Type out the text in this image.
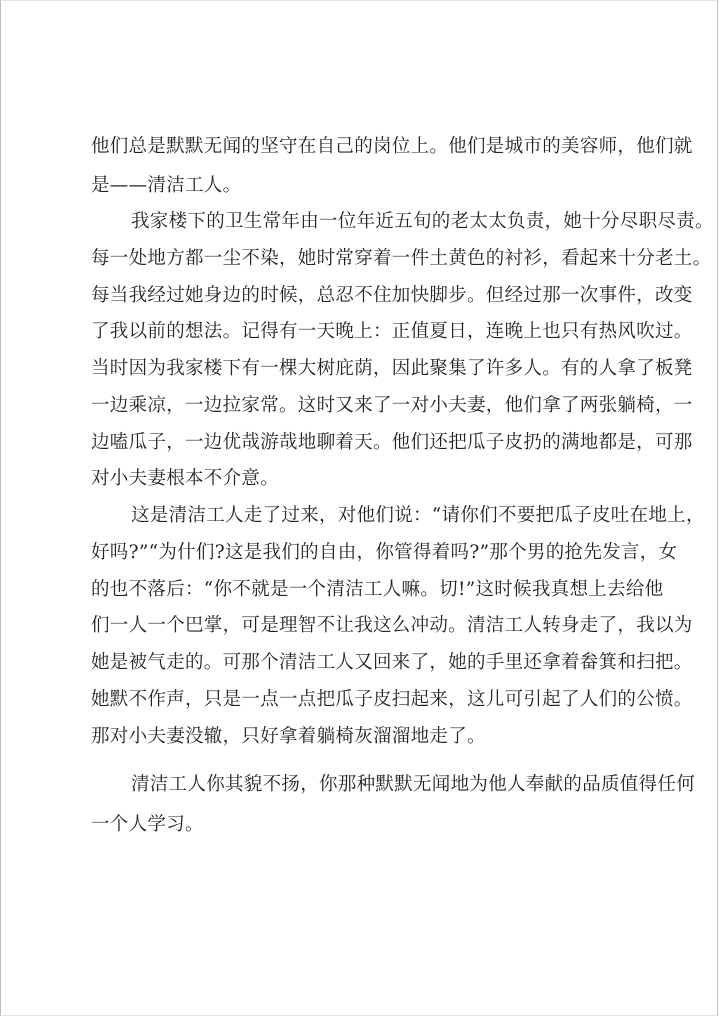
他们总是默默无闻的坚守在自己的岗位上。他们是城市的美容师，他们就

是——清洁工人。

我家楼下的卫生常年由一位年近五旬的老太太负责，她十分尽职尽责。

每一处地方都一尘不染，她时常穿着一件土黄色的衬衫，看起来十分老土。

每当我经过她身边的时候，总忍不住加快脚步。但经过那一次事件，改变

了我以前的想法。记得有一天晚上：正值夏日，连晚上也只有热风吹过。

当时因为我家楼下有一棵大树庇荫，因此聚集了许多人。有的人拿了板凳

一边乘凉，一边拉家常。这时又来了一对小夫妻，他们拿了两张躺椅，一

边嗑瓜子，一边优哉游哉地聊着天。他们还把瓜子皮扔的满地都是，可那

对小夫妻根本不介意。

这是清洁工人走了过来，对他们说：“请你们不要把瓜子皮吐在地上，

好吗?”“为什们?这是我们的自由，你管得着吗?”那个男的抢先发言，女

的也不落后：“你不就是一个清洁工人嘛。切!”这时候我真想上去给他

们一人一个巴掌，可是理智不让我这么冲动。清洁工人转身走了，我以为

她是被气走的。可那个清洁工人又回来了，她的手里还拿着畚箕和扫把。

她默不作声，只是一点一点把瓜子皮扫起来，这儿可引起了人们的公愤。

那对小夫妻没辙，只好拿着躺椅灰溜溜地走了。

清洁工人你其貌不扬，你那种默默无闻地为他人奉献的品质值得任何

一个人学习。
